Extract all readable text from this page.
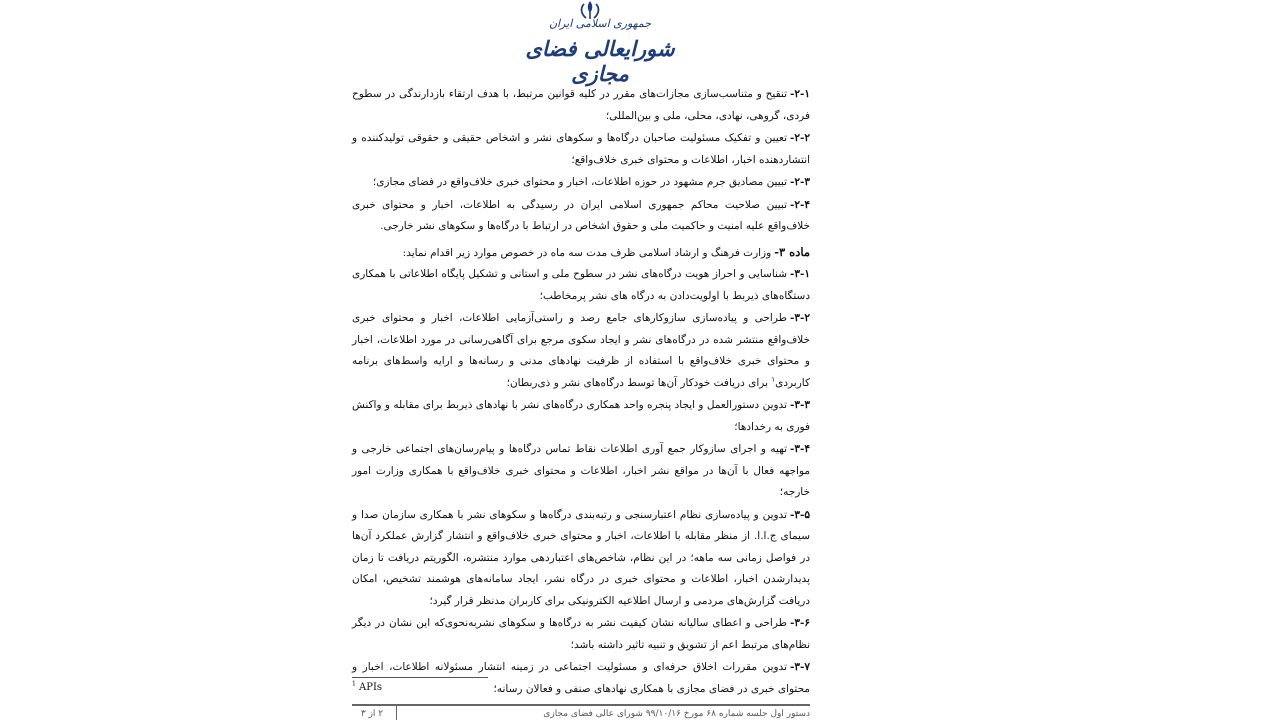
جمهوری اسلامی ایران
شورایعالی فضای مجازی

۲-۱-تنقیح و متناسب‌سازی مجازات‌های مقرر در کلیه قوانین مرتبط، با هدف ارتقاء بازدارندگی در سطوح فردی، گروهی، نهادی، محلی، ملی و بین‌المللی؛

۲-۲-تعیین و تفکیک مسئولیت صاحبان درگاه‌ها و سکوهای نشر و اشخاص حقیقی و حقوقی تولیدکننده و انتشاردهنده اخبار، اطلاعات و محتوای خبری خلاف‌واقع؛

۲-۳-تبیین مصادیق جرم مشهود در حوزه اطلاعات، اخبار و محتوای خبری خلاف‌واقع در فضای مجازی؛

۲-۴-تبیین صلاحیت محاکم جمهوری اسلامی ایران در رسیدگی به اطلاعات، اخبار و محتوای خبری خلاف‌واقع علیه امنیت و حاکمیت ملی و حقوق اشخاص در ارتباط با درگاه‌ها و سکوهای نشر خارجی.

ماده ۳-وزارت فرهنگ و ارشاد اسلامی ظرف مدت سه ماه در خصوص موارد زیر اقدام نماید:

۳-۱-شناسایی و احراز هویت درگاه‌های نشر در سطوح ملی و استانی و تشکیل پایگاه اطلاعاتی با همکاری دستگاه‌های ذیربط با اولویت‌دادن به درگاه های نشر پرمخاطب؛

۳-۲-طراحی و پیاده‌سازی سازوکارهای جامع رصد و راستی‌آزمایی اطلاعات، اخبار و محتوای خبری خلاف‌واقع منتشر شده در درگاه‌های نشر و ایجاد سکوی مرجع برای آگاهی‌رسانی در مورد اطلاعات، اخبار و محتوای خبری خلاف‌واقع با استفاده از ظرفیت نهادهای مدنی و رسانه‌ها و ارایه واسط‌های برنامه کاربردی$^۱$ برای دریافت خودکار آن‌ها توسط درگاه‌های نشر و ذی‌ربطان؛

۳-۳-تدوین دستورالعمل و ایجاد پنجره واحد همکاری درگاه‌های نشر با نهادهای ذیربط برای مقابله و واکنش فوری به رخدادها؛

۳-۴-تهیه و اجرای سازوکار جمع آوری اطلاعات نقاط تماس درگاه‌ها و پیام‌رسان‌های اجتماعی خارجی و مواجهه فعال با آن‌ها در مواقع نشر اخبار، اطلاعات و محتوای خبری خلاف‌واقع با همکاری وزارت امور خارجه؛

۳-۵-تدوین و پیاده‌سازی نظام اعتبارسنجی و رتبه‌بندی درگاه‌ها و سکوهای نشر با همکاری سازمان صدا و سیمای ج.ا.ا. از منظر مقابله با اطلاعات، اخبار و محتوای خبری خلاف‌واقع و انتشار گزارش عملکرد آن‌ها در فواصل زمانی سه ماهه؛ در این نظام، شاخص‌های اعتباردهی موارد منتشره، الگوریتم دریافت تا زمان پدیدارشدن اخبار، اطلاعات و محتوای خبری در درگاه نشر، ایجاد سامانه‌های هوشمند تشخیص، امکان دریافت گزارش‌های مردمی و ارسال اطلاعیه الکترونیکی برای کاربران مدنظر قرار گیرد؛

۳-۶-طراحی و اعطای سالیانه نشان کیفیت نشر به درگاه‌ها و سکوهای نشربه‌نحوی‌که این نشان در دیگر نظام‌های مرتبط اعم از تشویق و تنبیه تاثیر داشته باشد؛

۳-۷-تدوین مقررات اخلاق حرفه‌ای و مسئولیت اجتماعی در زمینه انتشار مسئولانه اطلاعات، اخبار و محتوای خبری در فضای مجازی با همکاری نهادهای صنفی و فعالان رسانه؛

$^1$ APIs
۲ از ۳	دستور اول جلسه شماره ۶۸ مورخ ۹۹/۱۰/۱۶ شورای عالی فضای مجازی
